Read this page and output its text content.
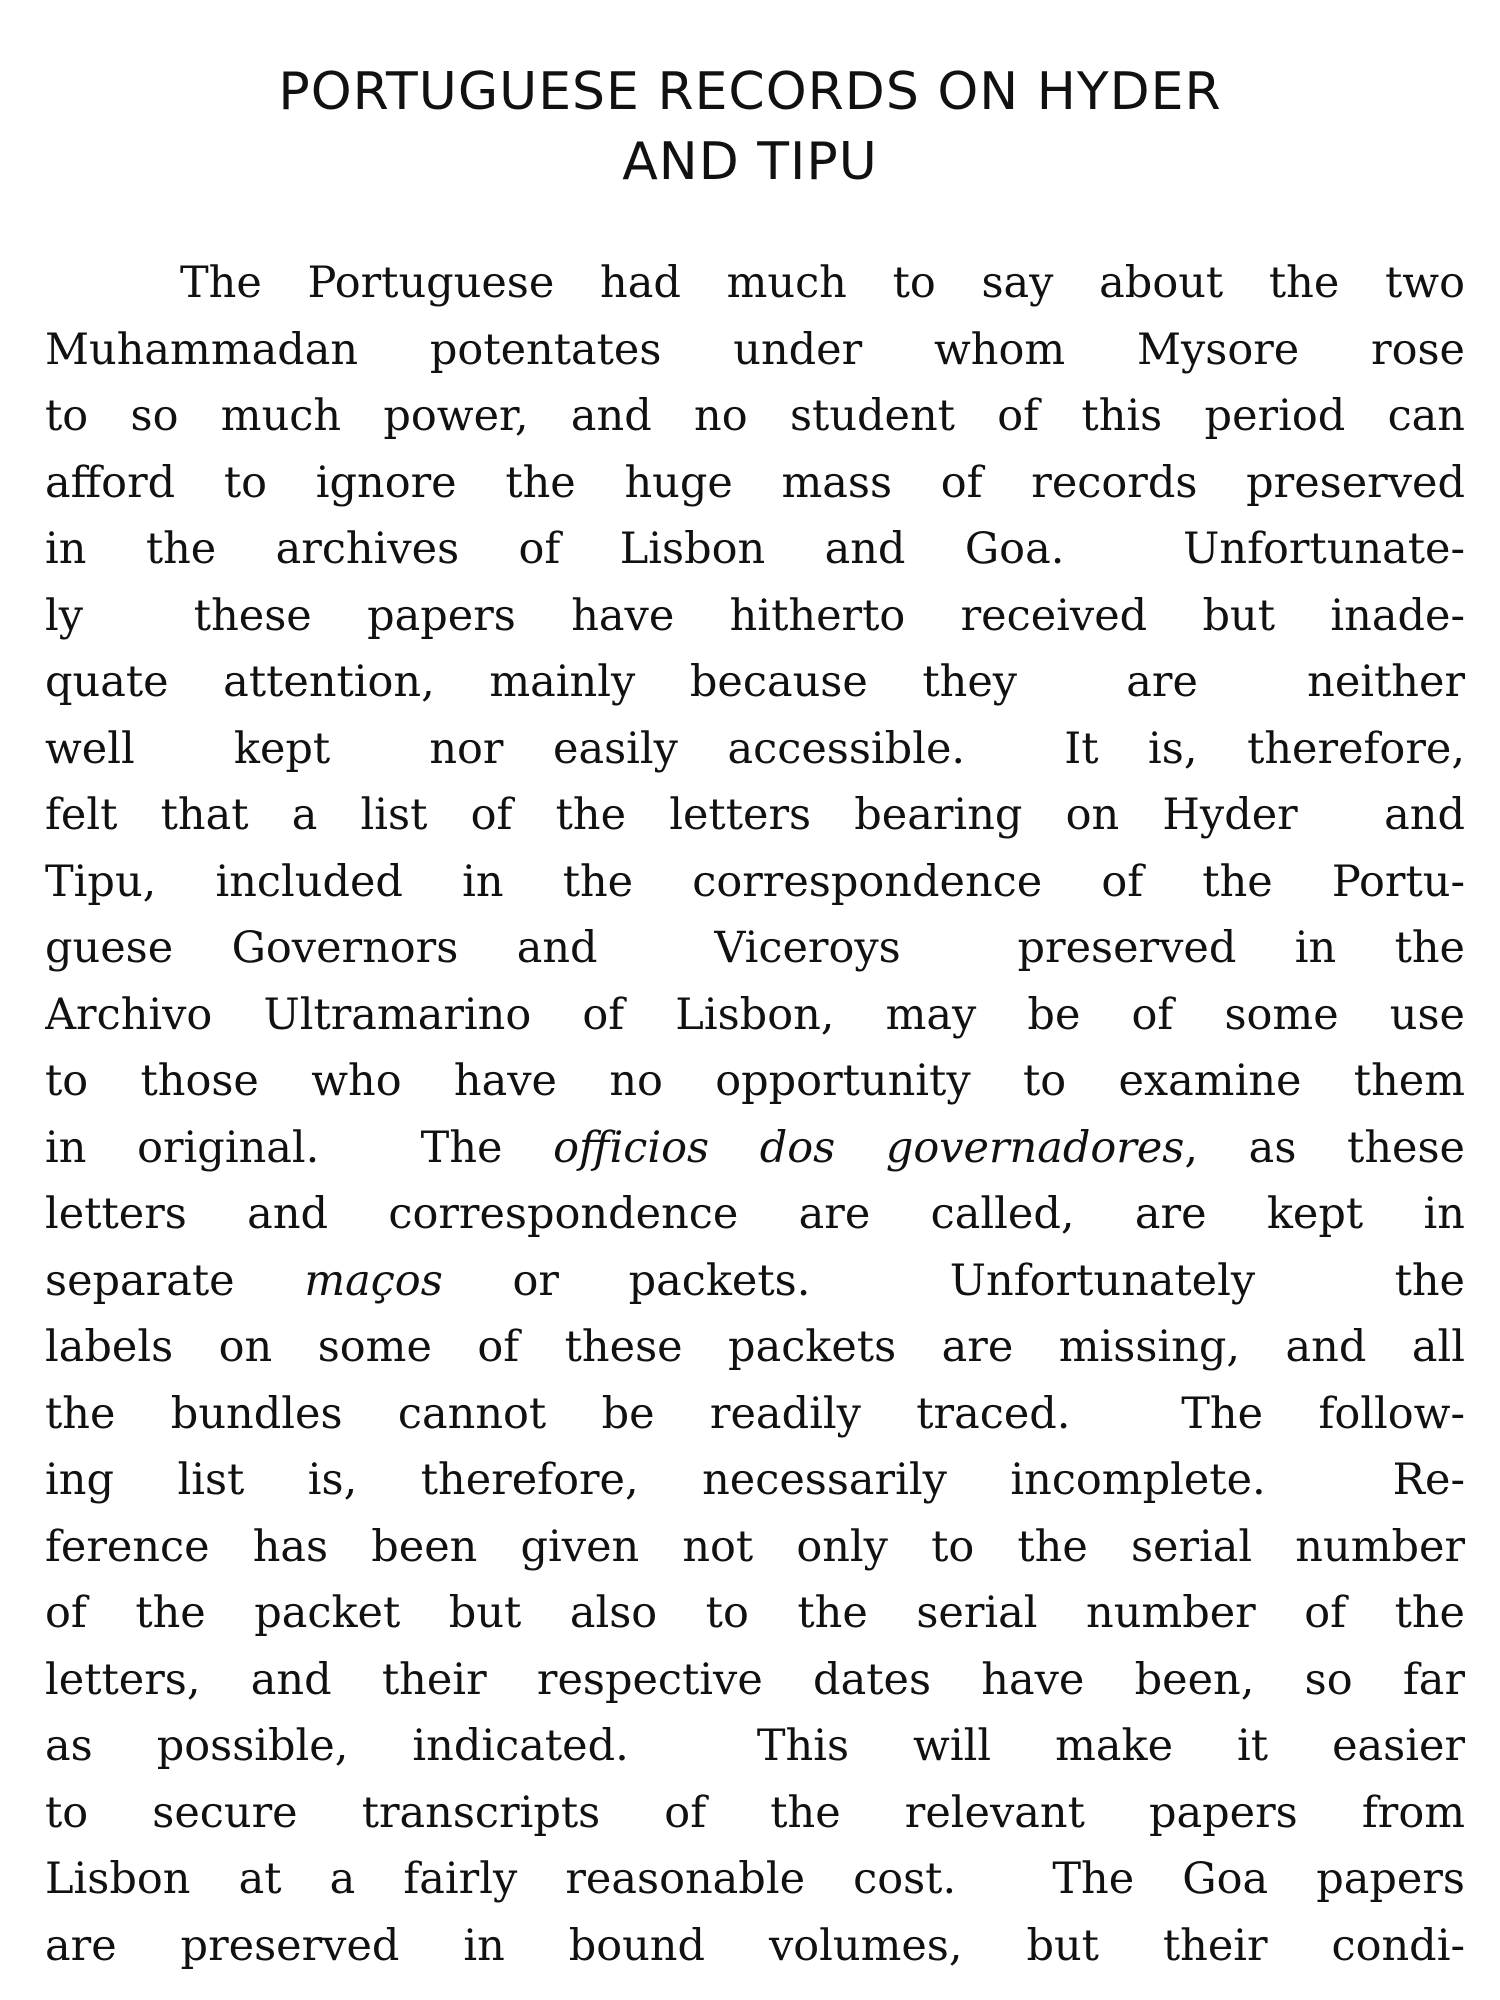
PORTUGUESE RECORDS ON HYDER
AND TIPU
The Portuguese had much to say about the two
Muhammadan potentates under whom Mysore rose
to so much power, and no student of this period can
afford to ignore the huge mass of records preserved
in the archives of Lisbon and Goa.  Unfortunate-
ly  these papers have hitherto received but inade-
quate attention, mainly because they  are  neither
well  kept  nor easily accessible.  It is, therefore,
felt that a list of the letters bearing on Hyder  and
Tipu, included in the correspondence of the Portu-
guese Governors and  Viceroys  preserved in the
Archivo Ultramarino of Lisbon, may be of some use
to those who have no opportunity to examine them
in original.  The officios dos governadores, as these
letters and correspondence are called, are kept in
separate maços or packets.  Unfortunately  the
labels on some of these packets are missing, and all
the bundles cannot be readily traced.  The follow-
ing list is, therefore, necessarily incomplete.  Re-
ference has been given not only to the serial number
of the packet but also to the serial number of the
letters, and their respective dates have been, so far
as possible, indicated.  This will make it easier
to secure transcripts of the relevant papers from
Lisbon at a fairly reasonable cost.  The Goa papers
are preserved in bound volumes, but their condi-
